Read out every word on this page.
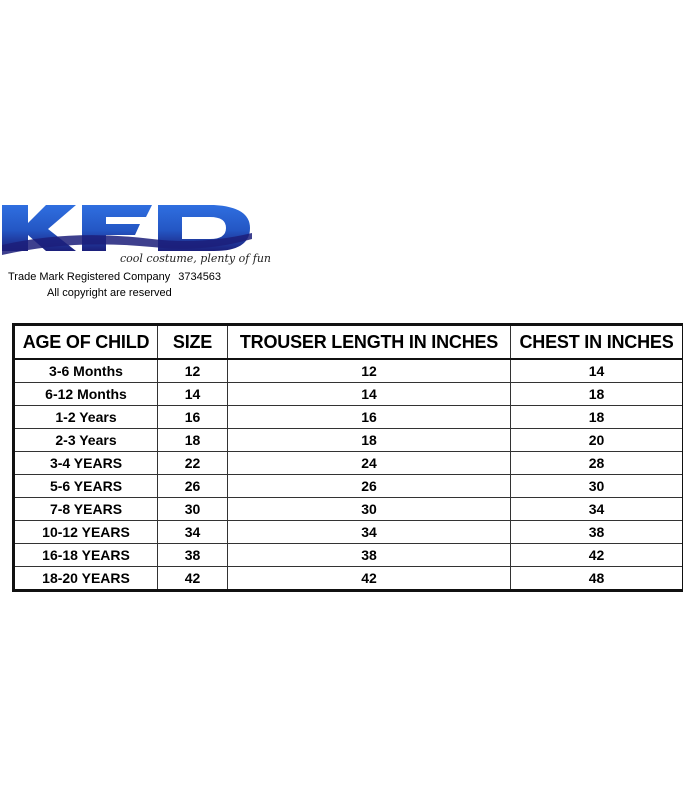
cool costume, plenty of fun
Trade Mark Registered Company 3734563
All copyright are reserved
AGE OF CHILD	SIZE	TROUSER LENGTH IN INCHES	CHEST IN INCHES
3-6 Months	12	12	14
6-12 Months	14	14	18
1-2 Years	16	16	18
2-3 Years	18	18	20
3-4 YEARS	22	24	28
5-6 YEARS	26	26	30
7-8 YEARS	30	30	34
10-12 YEARS	34	34	38
16-18 YEARS	38	38	42
18-20 YEARS	42	42	48
